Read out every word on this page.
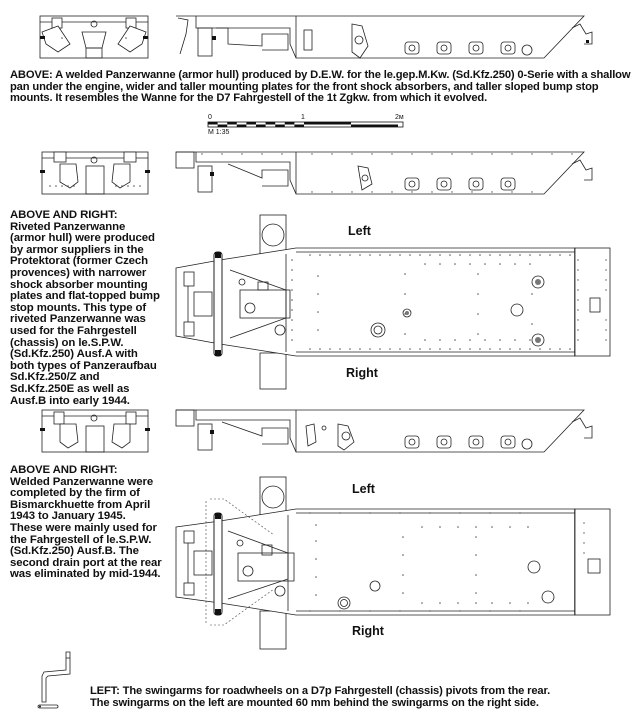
ABOVE: A welded Panzerwanne (armor hull) produced by D.E.W. for the le.gep.M.Kw. (Sd.Kfz.250) 0-Serie with a shallow pan under the engine, wider and taller mounting plates for the front shock absorbers, and taller sloped bump stop mounts. It resembles the Wanne for the D7 Fahrgestell of the 1t Zgkw. from which it evolved.
0	1	2м
M 1:35
ABOVE AND RIGHT:
Riveted Panzerwanne
(armor hull) were produced
by armor suppliers in the
Protektorat (former Czech
provences) with narrower
shock absorber mounting
plates and flat-topped bump
stop mounts. This type of
riveted Panzerwanne was
used for the Fahrgestell
(chassis) on le.S.P.W.
(Sd.Kfz.250) Ausf.A with
both types of Panzeraufbau
Sd.Kfz.250/Z and
Sd.Kfz.250E as well as
Ausf.B into early 1944.
Left
Right
ABOVE AND RIGHT:
Welded Panzerwanne were
completed by the firm of
Bismarckhuette from April
1943 to January 1945.
These were mainly used for
the Fahrgestell of le.S.P.W.
(Sd.Kfz.250) Ausf.B. The
second drain port at the rear
was eliminated by mid-1944.
Left
Right
LEFT: The swingarms for roadwheels on a D7p Fahrgestell (chassis) pivots from the rear.
The swingarms on the left are mounted 60 mm behind the swingarms on the right side.
